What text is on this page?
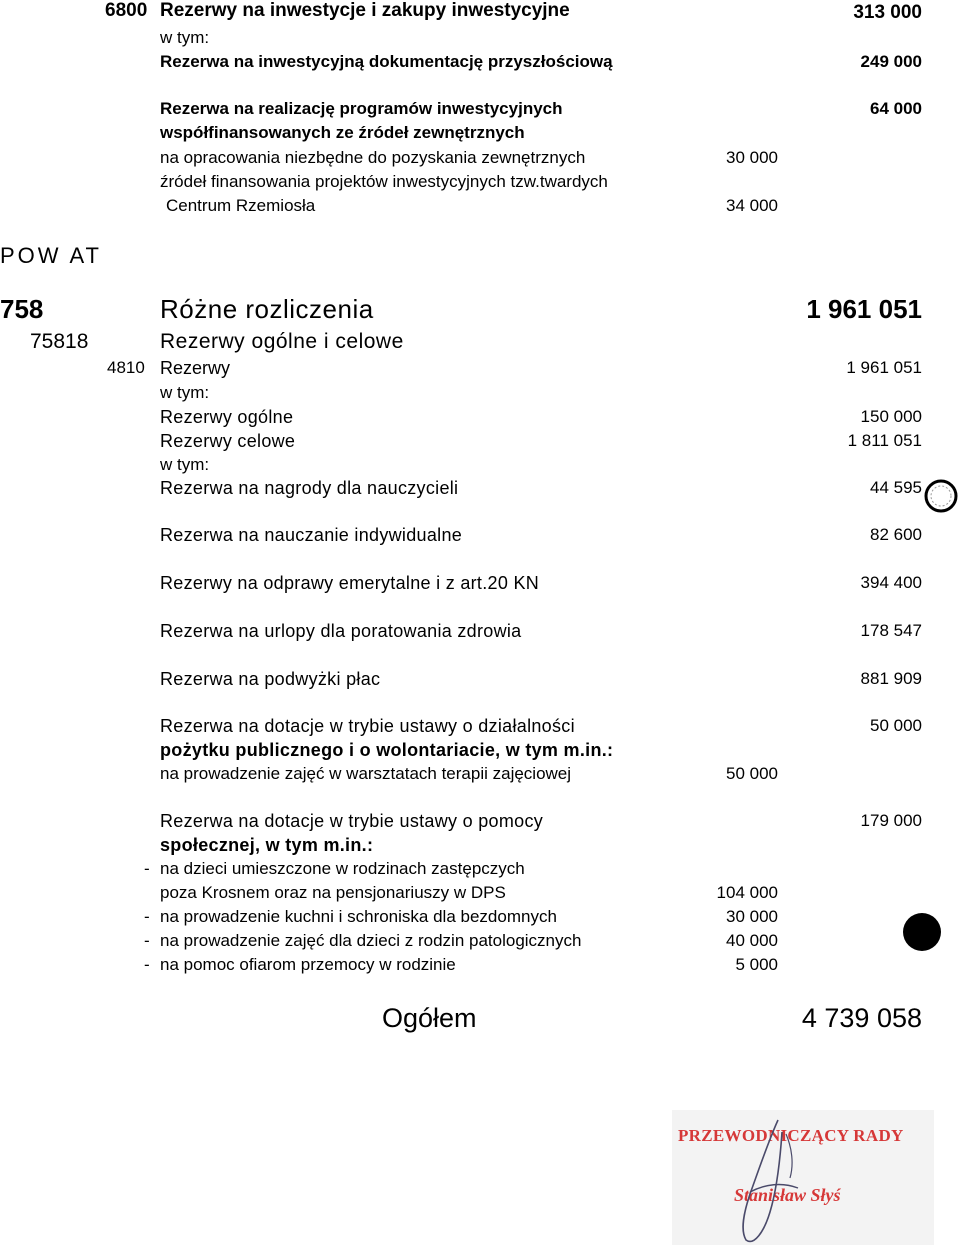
6800 Rezerwy na inwestycje i zakupy inwestycyjne	313 000
w tym:
Rezerwa na inwestycyjną dokumentację przyszłościową	249 000
Rezerwa na realizację programów inwestycyjnych	64 000
współfinansowanych ze źródeł zewnętrznych
na opracowania niezbędne do pozyskania zewnętrznych	30 000
źródeł finansowania projektów inwestycyjnych tzw.twardych
Centrum Rzemiosła	34 000
POW AT
758	Różne rozliczenia	1 961 051
75818	Rezerwy ogólne i celowe
4810 Rezerwy	1 961 051
w tym:
Rezerwy ogólne	150 000
Rezerwy celowe	1 811 051
w tym:
Rezerwa na nagrody dla nauczycieli	44 595
Rezerwa na nauczanie indywidualne	82 600
Rezerwy na odprawy emerytalne i z art.20 KN	394 400
Rezerwa na urlopy dla poratowania zdrowia	178 547
Rezerwa na podwyżki płac	881 909
Rezerwa na dotacje w trybie ustawy o działalności	50 000
pożytku publicznego i o wolontariacie, w tym m.in.:
na prowadzenie zajęć w warsztatach terapii zajęciowej	50 000
Rezerwa na dotacje w trybie ustawy o pomocy	179 000
społecznej, w tym m.in.:
- na dzieci umieszczone w rodzinach zastępczych
poza Krosnem oraz na pensjonariuszy w DPS	104 000
- na prowadzenie kuchni i schroniska dla bezdomnych	30 000
- na prowadzenie zajęć dla dzieci z rodzin patologicznych	40 000
- na pomoc ofiarom przemocy w rodzinie	5 000
Ogółem	4 739 058
PRZEWODNICZĄCY RADY
Stanisław Słyś
